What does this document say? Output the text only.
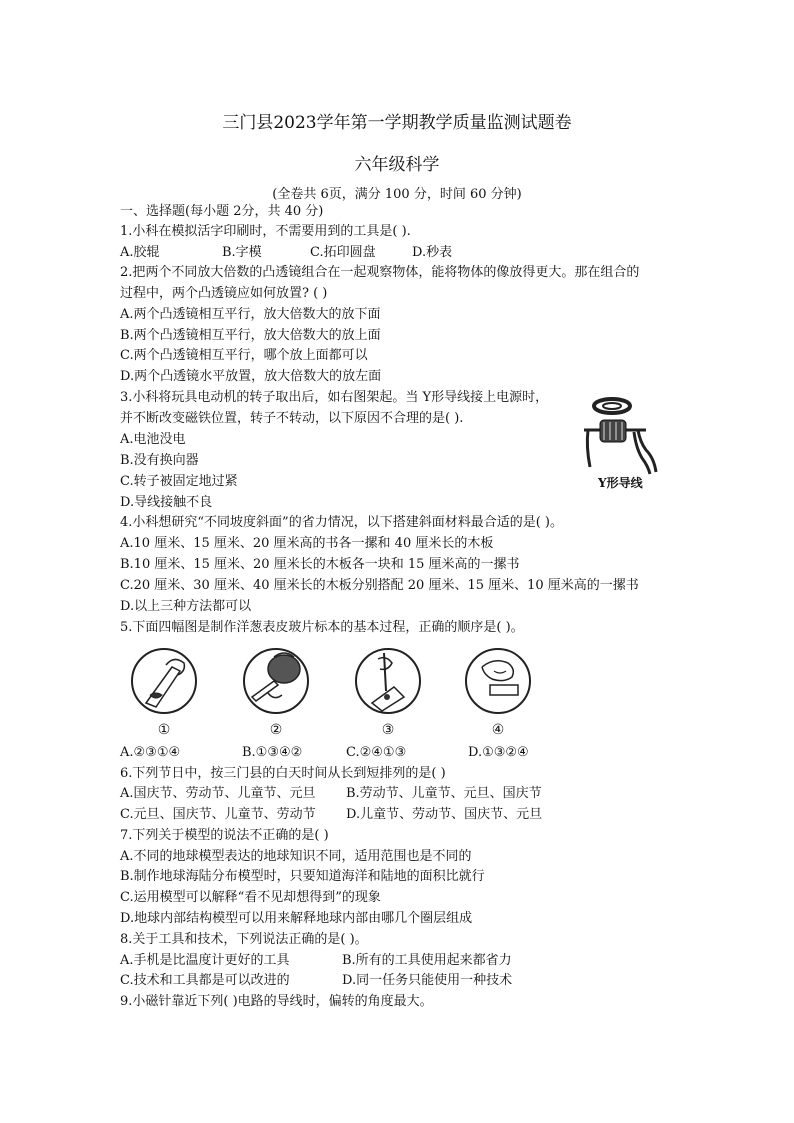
三门县2023学年第一学期教学质量监测试题卷
六年级科学
(全卷共 6页，满分 100 分，时间 60 分钟)
一、选择题(每小题 2分，共 40 分)
1.小科在模拟活字印刷时，不需要用到的工具是( ).
A.胶辊	B.字模	C.拓印圆盘	D.秒表
2.把两个不同放大倍数的凸透镜组合在一起观察物体，能将物体的像放得更大。那在组合的
过程中，两个凸透镜应如何放置? ( )
A.两个凸透镜相互平行，放大倍数大的放下面
B.两个凸透镜相互平行，放大倍数大的放上面
C.两个凸透镜相互平行，哪个放上面都可以
D.两个凸透镜水平放置，放大倍数大的放左面
3.小科将玩具电动机的转子取出后，如右图架起。当 Y形导线接上电源时，
并不断改变磁铁位置，转子不转动，以下原因不合理的是( ).
A.电池没电
B.没有换向器
C.转子被固定地过紧
D.导线接触不良
Y形导线
4.小科想研究“不同坡度斜面”的省力情况，以下搭建斜面材料最合适的是( )。
A.10 厘米、15 厘米、20 厘米高的书各一摞和 40 厘米长的木板
B.10 厘米、15 厘米、20 厘米长的木板各一块和 15 厘米高的一摞书
C.20 厘米、30 厘米、40 厘米长的木板分别搭配 20 厘米、15 厘米、10 厘米高的一摞书
D.以上三种方法都可以
5.下面四幅图是制作洋葱表皮玻片标本的基本过程，正确的顺序是( )。
①	②	③	④
A.②③①④	B.①③④②	C.②④①③	D.①③②④
6.下列节日中，按三门县的白天时间从长到短排列的是( )
A.国庆节、劳动节、儿童节、元旦 B.劳动节、儿童节、元旦、国庆节
C.元旦、国庆节、儿童节、劳动节 D.儿童节、劳动节、国庆节、元旦
7.下列关于模型的说法不正确的是( )
A.不同的地球模型表达的地球知识不同，适用范围也是不同的
B.制作地球海陆分布模型时，只要知道海洋和陆地的面积比就行
C.运用模型可以解释“看不见却想得到”的现象
D.地球内部结构模型可以用来解释地球内部由哪几个圈层组成
8.关于工具和技术，下列说法正确的是( )。
A.手机是比温度计更好的工具	B.所有的工具使用起来都省力
C.技术和工具都是可以改进的	D.同一任务只能使用一种技术
9.小磁针靠近下列( )电路的导线时，偏转的角度最大。
